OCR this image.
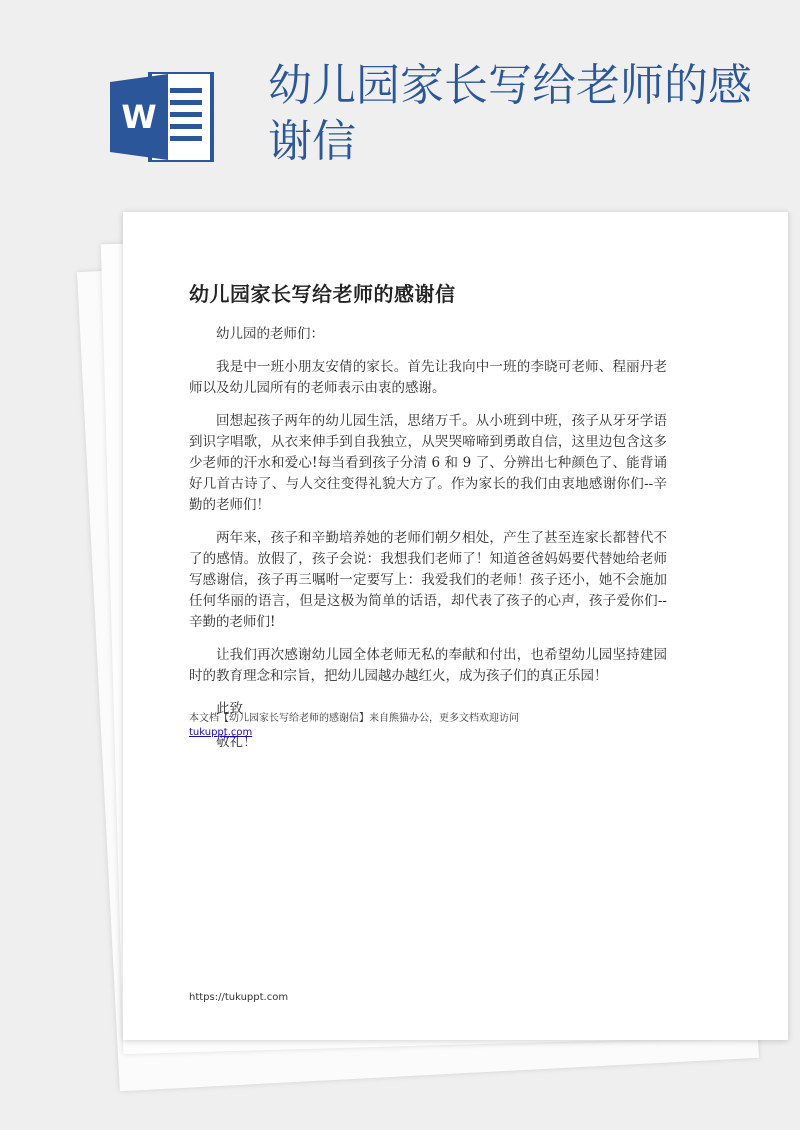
W
幼儿园家长写给老师的感谢信
幼儿园家长写给老师的感谢信

幼儿园的老师们：

我是中一班小朋友安倩的家长。首先让我向中一班的李晓可老师、程丽丹老师以及幼儿园所有的老师表示由衷的感谢。

回想起孩子两年的幼儿园生活，思绪万千。从小班到中班，孩子从牙牙学语到识字唱歌，从衣来伸手到自我独立，从哭哭啼啼到勇敢自信，这里边包含这多少老师的汗水和爱心!每当看到孩子分清 6 和 9 了、分辨出七种颜色了、能背诵好几首古诗了、与人交往变得礼貌大方了。作为家长的我们由衷地感谢你们--辛勤的老师们！

两年来，孩子和辛勤培养她的老师们朝夕相处，产生了甚至连家长都替代不了的感情。放假了，孩子会说：我想我们老师了！知道爸爸妈妈要代替她给老师写感谢信，孩子再三嘱咐一定要写上：我爱我们的老师！孩子还小，她不会施加任何华丽的语言，但是这极为简单的话语，却代表了孩子的心声，孩子爱你们--辛勤的老师们!

让我们再次感谢幼儿园全体老师无私的奉献和付出，也希望幼儿园坚持建园时的教育理念和宗旨，把幼儿园越办越红火，成为孩子们的真正乐园！

此致

敬礼！

本文档【幼儿园家长写给老师的感谢信】来自熊猫办公，更多文档欢迎访问
tukuppt.com
https://tukuppt.com
